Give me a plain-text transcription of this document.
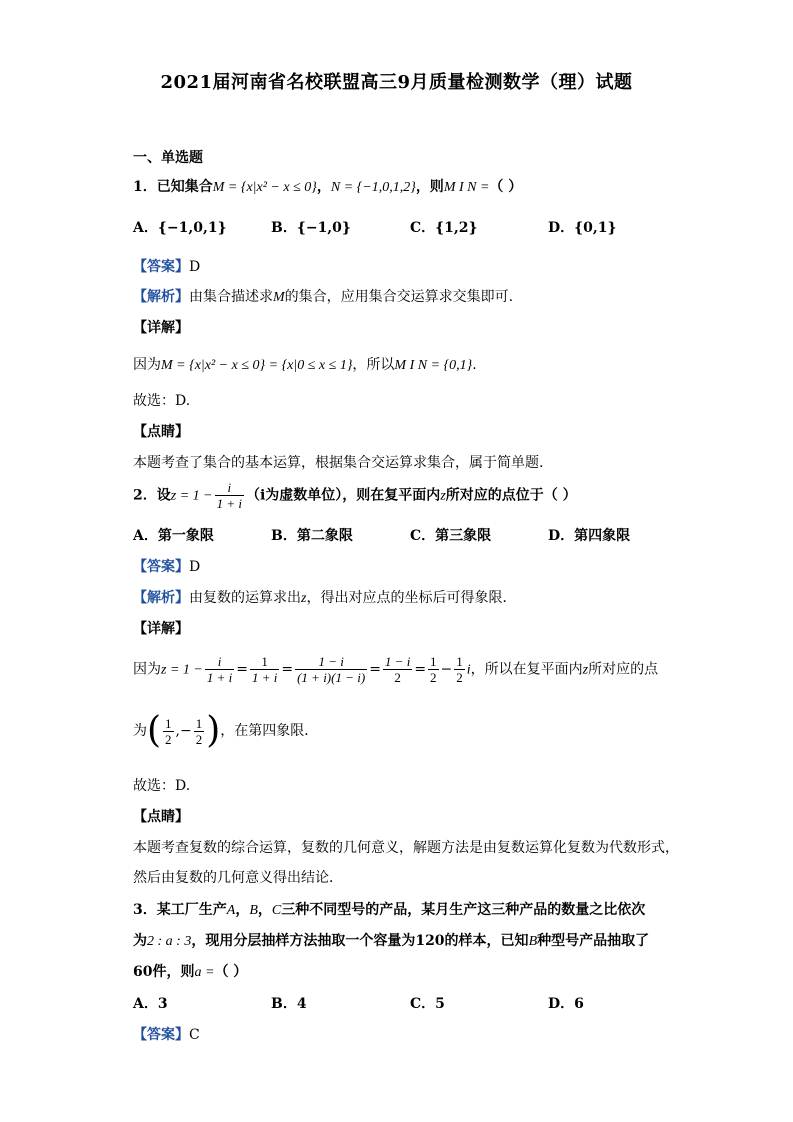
2021届河南省名校联盟高三9月质量检测数学（理）试题
一、单选题
1．已知集合M = {x|x² − x ≤ 0}，N = {−1,0,1,2}，则M I N =（ ）
A．{−1,0,1}	B．{−1,0}	C．{1,2}	D．{0,1}
【答案】D
【解析】由集合描述求M的集合，应用集合交运算求交集即可.
【详解】
因为M = {x|x² − x ≤ 0} = {x|0 ≤ x ≤ 1}，所以M I N = {0,1}.
故选：D.
【点睛】
本题考查了集合的基本运算，根据集合交运算求集合，属于简单题.
2．设$z = 1 - \frac{i}{1 + i} (i$为虚数单位），则在复平面内z所对应的点位于（ ）
A．第一象限	B．第二象限	C．第三象限	D．第四象限
【答案】D
【解析】由复数的运算求出z，得出对应点的坐标后可得象限．
【详解】
因为$z = 1 - \frac{i}{1 + i} = \frac{1}{1 + i} = \frac{1 - i}{(1 + i)(1 - i)} = \frac{1 - i}{2} = \frac{1}{2} - \frac{1}{2}$ i，所以在复平面内z所对应的点
为( $\frac{1}{2}$ ,− $\frac{1}{2}$ )，在第四象限．
故选：D.
【点睛】
本题考查复数的综合运算，复数的几何意义，解题方法是由复数运算化复数为代数形式，
然后由复数的几何意义得出结论．
3．某工厂生产A，B，C三种不同型号的产品，某月生产这三种产品的数量之比依次
为2 : a : 3，现用分层抽样方法抽取一个容量为120的样本，已知B种型号产品抽取了
60件，则a =（ ）
A．3	B．4	C．5	D．6
【答案】C
